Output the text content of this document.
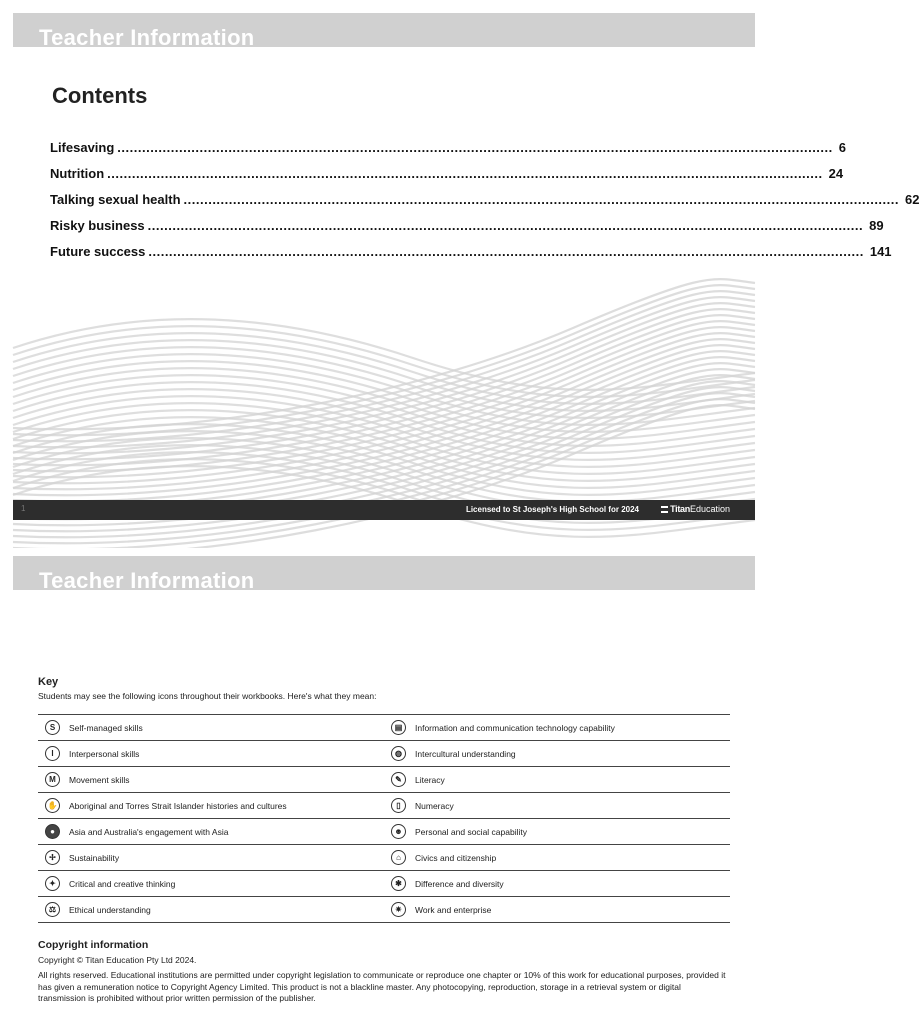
Teacher Information
Contents
Lifesaving .............................................................................................................................................................................. 6
Nutrition .............................................................................................................................................................................. 24
Talking sexual health .............................................................................................................................................................................. 62
Risky business .............................................................................................................................................................................. 89
Future success .............................................................................................................................................................................. 141
1	Licensed to St Joseph's High School for 2024	TitanEducation
Teacher Information
Key
Students may see the following icons throughout their workbooks. Here's what they mean:
S	Self-managed skills	▤	Information and communication technology capability
I	Interpersonal skills	◍	Intercultural understanding
M	Movement skills	✎	Literacy
✋ Aboriginal and Torres Strait Islander histories and cultures	▯	Numeracy
●	Asia and Australia's engagement with Asia	☻	Personal and social capability
✢	Sustainability	⌂	Civics and citizenship
✦	Critical and creative thinking	✱	Difference and diversity
⚖	Ethical understanding	✷	Work and enterprise
Copyright information
Copyright © Titan Education Pty Ltd 2024.
All rights reserved. Educational institutions are permitted under copyright legislation to communicate or reproduce one chapter or 10% of this work for educational purposes, provided it has given a remuneration notice to Copyright Agency Limited. This product is not a blackline master. Any photocopying, reproduction, storage in a retrieval system or digital transmission is prohibited without prior written permission of the publisher.
